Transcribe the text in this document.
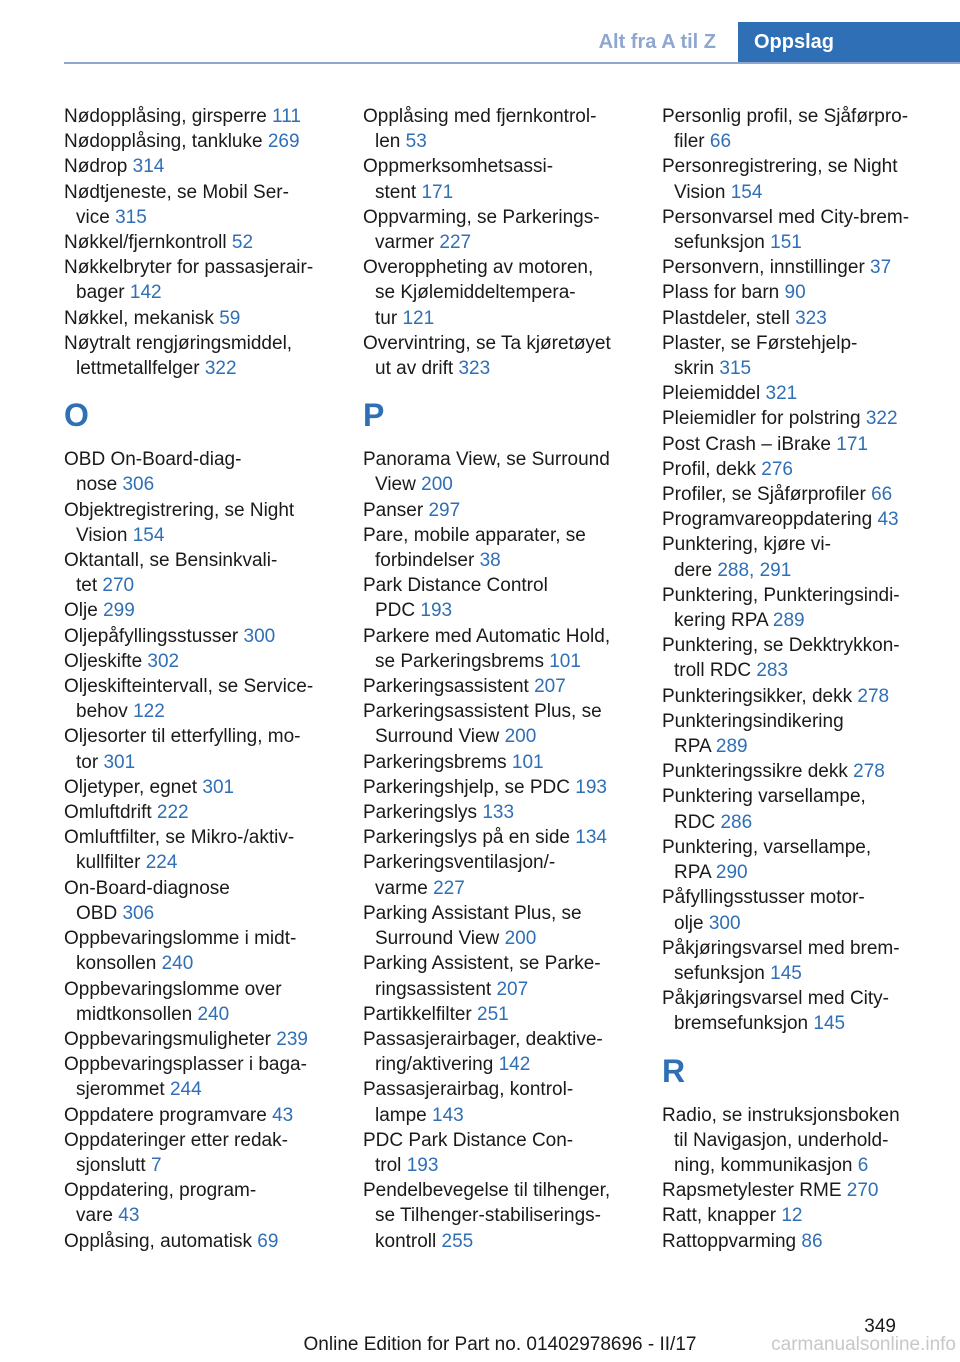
Alt fra A til Z	Oppslag

Nødopplåsing, girsperre 111

Nødopplåsing, tankluke 269

Nødrop 314

Nødtjeneste, se Mobil Ser-
vice 315

Nøkkel/fjernkontroll 52

Nøkkelbryter for passasjerair-
bager 142

Nøkkel, mekanisk 59

Nøytralt rengjøringsmiddel,
lettmetallfelger 322

O

OBD On-Board-diag-
nose 306

Objektregistrering, se Night
Vision 154

Oktantall, se Bensinkvali-
tet 270

Olje 299

Oljepåfyllingsstusser 300

Oljeskifte 302

Oljeskifteintervall, se Service-
behov 122

Oljesorter til etterfylling, mo-
tor 301

Oljetyper, egnet 301

Omluftdrift 222

Omluftfilter, se Mikro-/aktiv-
kullfilter 224

On-Board-diagnose
OBD 306

Oppbevaringslomme i midt-
konsollen 240

Oppbevaringslomme over
midtkonsollen 240

Oppbevaringsmuligheter 239

Oppbevaringsplasser i baga-
sjerommet 244

Oppdatere programvare 43

Oppdateringer etter redak-
sjonslutt 7

Oppdatering, program-
vare 43

Opplåsing, automatisk 69

Opplåsing med fjernkontrol-
len 53

Oppmerksomhetsassi-
stent 171

Oppvarming, se Parkerings-
varmer 227

Overoppheting av motoren,
se Kjølemiddeltempera-
tur 121

Overvintring, se Ta kjøretøyet
ut av drift 323

P

Panorama View, se Surround
View 200

Panser 297

Pare, mobile apparater, se
forbindelser 38

Park Distance Control
PDC 193

Parkere med Automatic Hold,
se Parkeringsbrems 101

Parkeringsassistent 207

Parkeringsassistent Plus, se
Surround View 200

Parkeringsbrems 101

Parkeringshjelp, se PDC 193

Parkeringslys 133

Parkeringslys på en side 134

Parkeringsventilasjon/-
varme 227

Parking Assistant Plus, se
Surround View 200

Parking Assistent, se Parke-
ringsassistent 207

Partikkelfilter 251

Passasjerairbager, deaktive-
ring/aktivering 142

Passasjerairbag, kontrol-
lampe 143

PDC Park Distance Con-
trol 193

Pendelbevegelse til tilhenger,
se Tilhenger-stabiliserings-
kontroll 255

Personlig profil, se Sjåførpro-
filer 66

Personregistrering, se Night
Vision 154

Personvarsel med City-brem-
sefunksjon 151

Personvern, innstillinger 37

Plass for barn 90

Plastdeler, stell 323

Plaster, se Førstehjelp-
skrin 315

Pleiemiddel 321

Pleiemidler for polstring 322

Post Crash – iBrake 171

Profil, dekk 276

Profiler, se Sjåførprofiler 66

Programvareoppdatering 43

Punktering, kjøre vi-
dere 288, 291

Punktering, Punkteringsindi-
kering RPA 289

Punktering, se Dekktrykkon-
troll RDC 283

Punkteringsikker, dekk 278

Punkteringsindikering
RPA 289

Punkteringssikre dekk 278

Punktering varsellampe,
RDC 286

Punktering, varsellampe,
RPA 290

Påfyllingsstusser motor-
olje 300

Påkjøringsvarsel med brem-
sefunksjon 145

Påkjøringsvarsel med City-
bremsefunksjon 145

R

Radio, se instruksjonsboken
til Navigasjon, underhold-
ning, kommunikasjon 6

Rapsmetylester RME 270

Ratt, knapper 12

Rattoppvarming 86

349
Online Edition for Part no. 01402978696 - II/17	carmanualsonline.info
